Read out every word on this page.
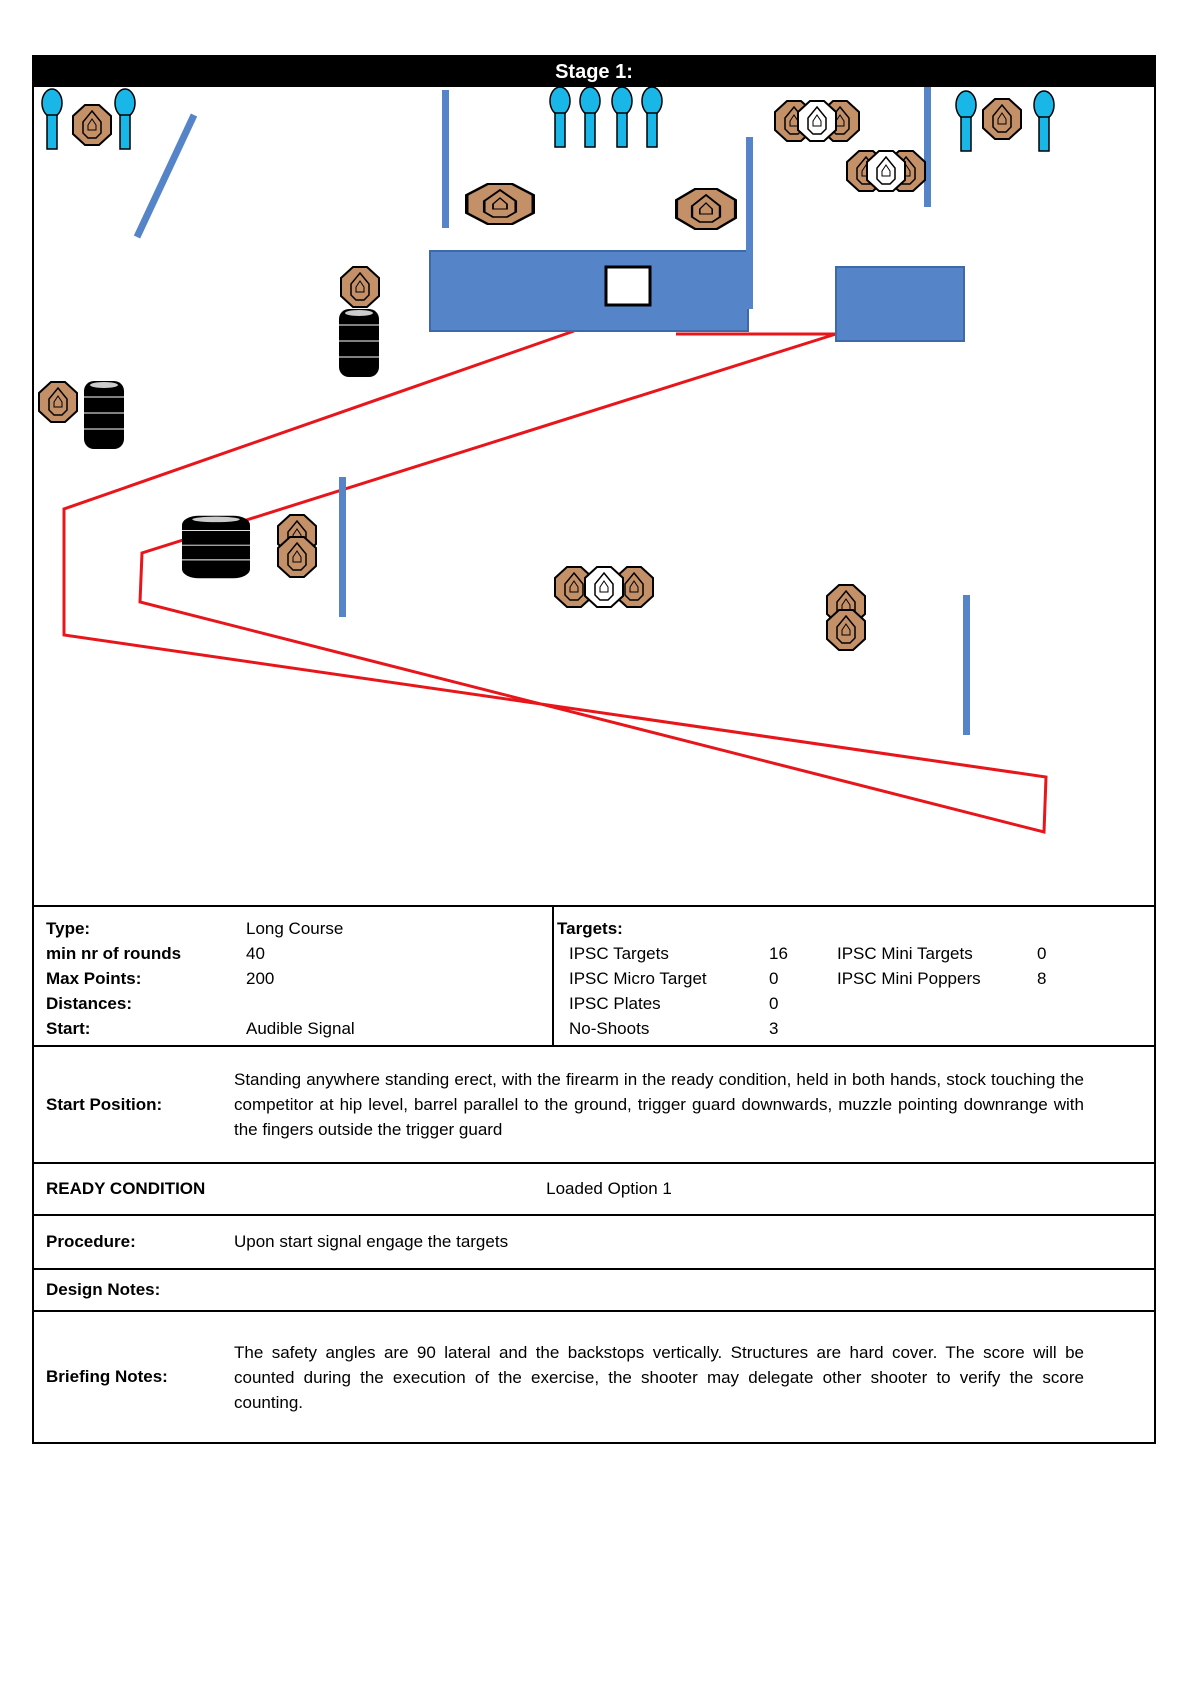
Stage 1:
Type:	Long Course
min nr of rounds	40
Max Points:	200
Distances:
Start:	Audible Signal
Targets:
IPSC Targets	16	IPSC Mini Targets	0
IPSC Micro Target	0	IPSC Mini Poppers	8
IPSC Plates	0
No-Shoots	3
Start Position:
Standing anywhere standing erect, with the firearm in the ready condition, held in both hands, stock touching the competitor at hip level, barrel parallel to the ground, trigger guard downwards, muzzle pointing downrange with the fingers outside the trigger guard
READY CONDITION	Loaded Option 1
Procedure:	Upon start signal engage the targets
Design Notes:
Briefing Notes:
The safety angles are 90 lateral and the backstops vertically. Structures are hard cover. The score will be counted during the execution of the exercise, the shooter may delegate other shooter to verify the score counting.
